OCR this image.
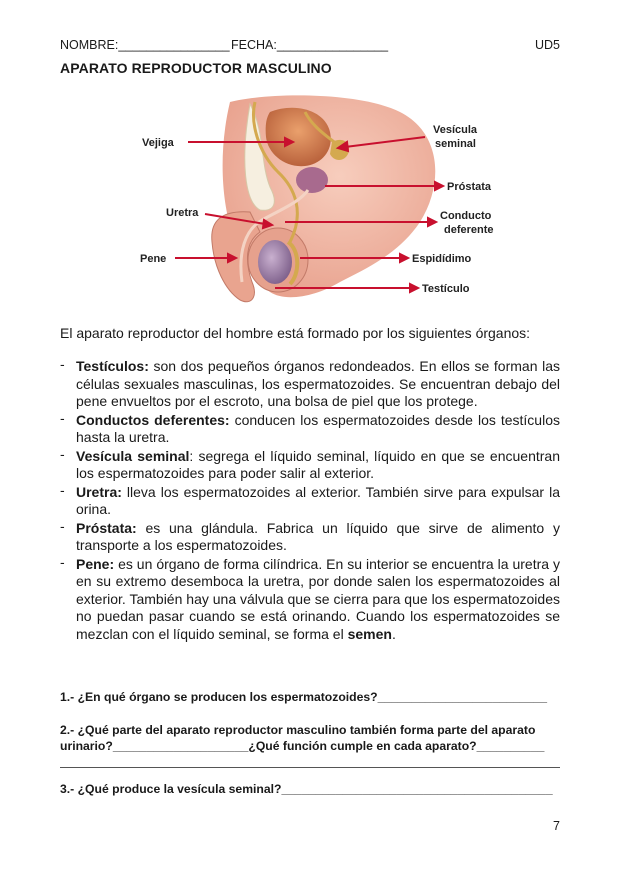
NOMBRE:________________ FECHA:________________	UD5
APARATO REPRODUCTOR MASCULINO
Vejiga
Vesícula
seminal
Próstata
Uretra	Conducto
deferente
Pene	Espidídimo
Testículo
El aparato reproductor del hombre está formado por los siguientes órganos:
- Testículos: son dos pequeños órganos redondeados. En ellos se forman las células sexuales masculinas, los espermatozoides. Se encuentran debajo del pene envueltos por el escroto, una bolsa de piel que los protege.
- Conductos deferentes: conducen los espermatozoides desde los testículos hasta la uretra.
- Vesícula seminal: segrega el líquido seminal, líquido en que se encuentran los espermatozoides para poder salir al exterior.
- Uretra: lleva los espermatozoides al exterior. También sirve para expulsar la orina.
- Próstata: es una glándula. Fabrica un líquido que sirve de alimento y transporte a los espermatozoides.
- Pene: es un órgano de forma cilíndrica. En su interior se encuentra la uretra y en su extremo desemboca la uretra, por donde salen los espermatozoides al exterior. También hay una válvula que se cierra para que los espermatozoides no puedan pasar cuando se está orinando. Cuando los espermatozoides se mezclan con el líquido seminal, se forma el semen.
1.- ¿En qué órgano se producen los espermatozoides?_________________________
2.- ¿Qué parte del aparato reproductor masculino también forma parte del aparato
urinario?____________________¿Qué función cumple en cada aparato?__________
3.- ¿Qué produce la vesícula seminal?________________________________________
7
